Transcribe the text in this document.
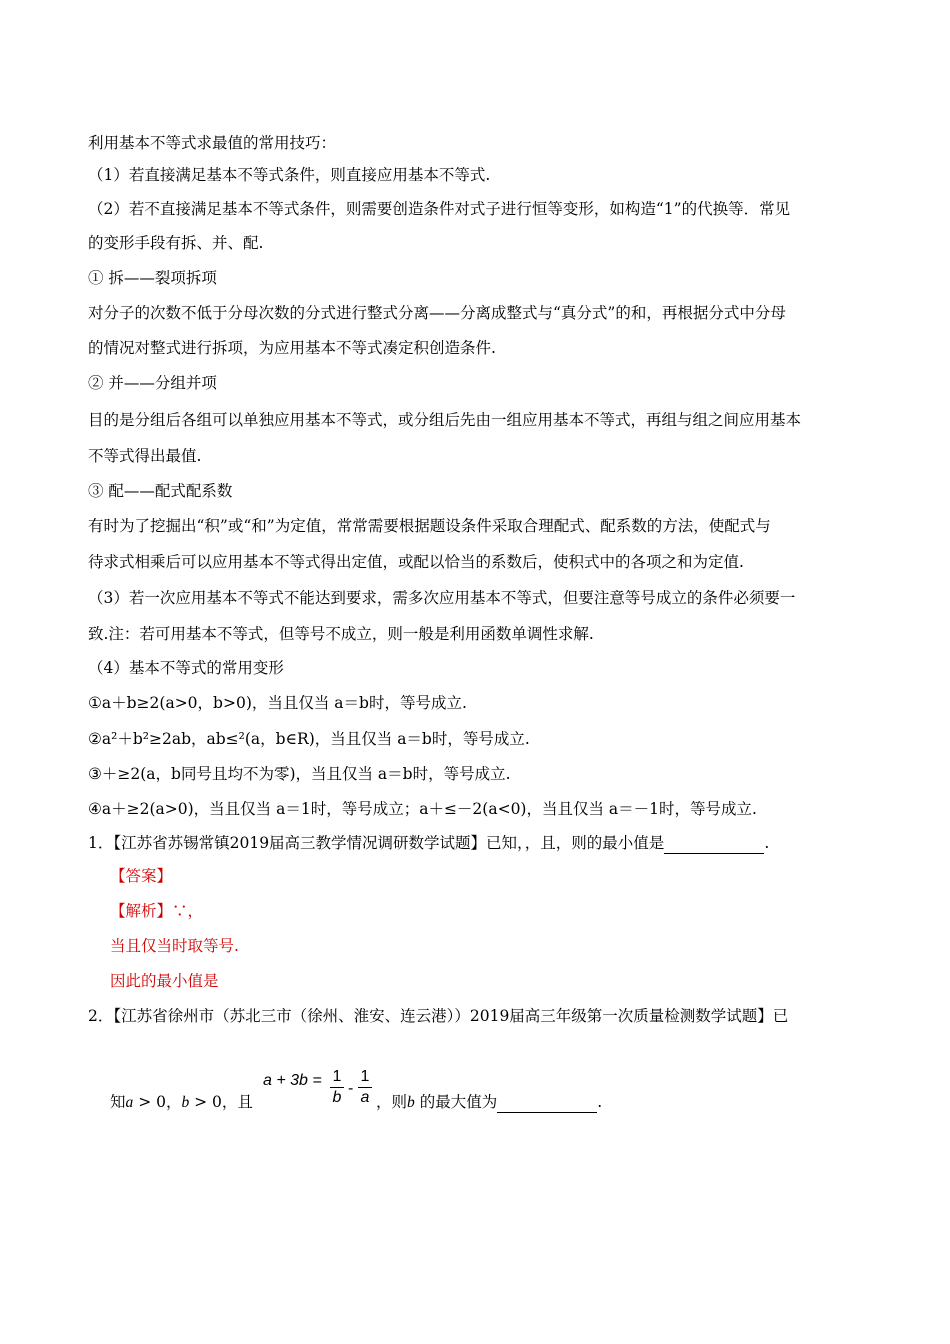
利用基本不等式求最值的常用技巧：
（1）若直接满足基本不等式条件，则直接应用基本不等式.
（2）若不直接满足基本不等式条件，则需要创造条件对式子进行恒等变形，如构造“1”的代换等．常见
的变形手段有拆、并、配.
① 拆——裂项拆项
对分子的次数不低于分母次数的分式进行整式分离——分离成整式与“真分式”的和，再根据分式中分母
的情况对整式进行拆项，为应用基本不等式凑定积创造条件.
② 并——分组并项
目的是分组后各组可以单独应用基本不等式，或分组后先由一组应用基本不等式，再组与组之间应用基本
不等式得出最值.
③ 配——配式配系数
有时为了挖掘出“积”或“和”为定值，常常需要根据题设条件采取合理配式、配系数的方法，使配式与
待求式相乘后可以应用基本不等式得出定值，或配以恰当的系数后，使积式中的各项之和为定值.
（3）若一次应用基本不等式不能达到要求，需多次应用基本不等式，但要注意等号成立的条件必须要一
致.注：若可用基本不等式，但等号不成立，则一般是利用函数单调性求解.
（4）基本不等式的常用变形
①a＋b≥2(a>0，b>0)，当且仅当 a＝b时，等号成立.
②a²＋b²≥2ab，ab≤²(a，b∈R)，当且仅当 a＝b时，等号成立.
③＋≥2(a，b同号且均不为零)，当且仅当 a＝b时，等号成立.
④a＋≥2(a>0)，当且仅当 a＝1时，等号成立；a＋≤－2(a<0)，当且仅当 a＝－1时，等号成立.
1．【江苏省苏锡常镇2019届高三教学情况调研数学试题】已知，，且，则的最小值是	.
【答案】
【解析】∵，
当且仅当时取等号.
因此的最小值是
2．【江苏省徐州市（苏北三市（徐州、淮安、连云港））2019届高三年级第一次质量检测数学试题】已
知a > 0，b > 0，且
a + 3b = 1
b
-
1
a ，则b 的最大值为	.
